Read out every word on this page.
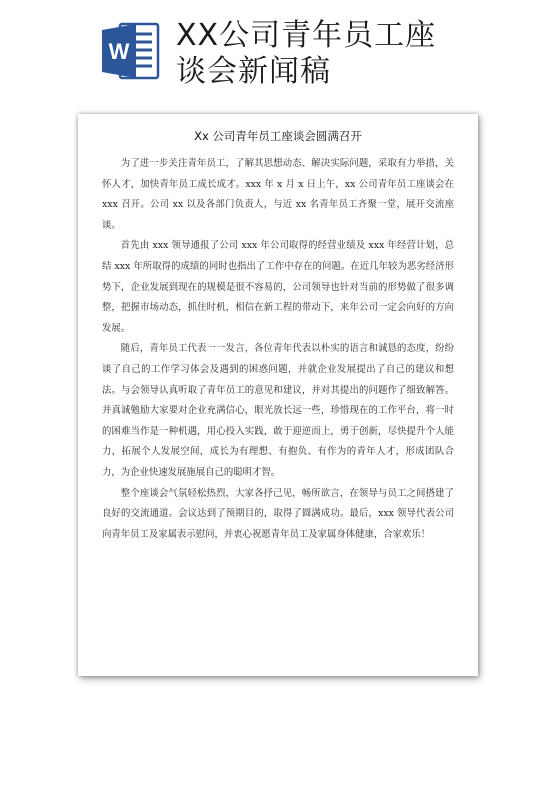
W XX公司青年员工座
谈会新闻稿
Xx 公司青年员工座谈会圆满召开

为了进一步关注青年员工，了解其思想动态、解决实际问题，采取有力举措，关怀人才，加快青年员工成长成才。xxx 年 x 月 x 日上午，xx 公司青年员工座谈会在 xxx 召开。公司 xx 以及各部门负责人，与近 xx 名青年员工齐聚一堂，展开交流座谈。

首先由 xxx 领导通报了公司 xxx 年公司取得的经营业绩及 xxx 年经营计划，总结 xxx 年所取得的成绩的同时也指出了工作中存在的问题。在近几年较为恶劣经济形势下，企业发展到现在的规模是很不容易的，公司领导也针对当前的形势做了很多调整，把握市场动态，抓住时机，相信在新工程的带动下，来年公司一定会向好的方向发展。

随后，青年员工代表一一发言，各位青年代表以朴实的语言和诚恳的态度，纷纷谈了自己的工作学习体会及遇到的困惑问题，并就企业发展提出了自己的建议和想法。与会领导认真听取了青年员工的意见和建议，并对其提出的问题作了细致解答。并真诚勉励大家要对企业充满信心，眼光放长远一些，珍惜现在的工作平台，将一时的困难当作是一种机遇，用心投入实践，敢于迎逆而上，勇于创新，尽快提升个人能力，拓展个人发展空间，成长为有理想、有抱负、有作为的青年人才，形成团队合力，为企业快速发展施展自己的聪明才智。

整个座谈会气氛轻松热烈，大家各抒己见，畅所欲言，在领导与员工之间搭建了良好的交流通道。会议达到了预期目的，取得了圆满成功。最后，xxx 领导代表公司向青年员工及家属表示慰问，并衷心祝愿青年员工及家属身体健康，合家欢乐！
